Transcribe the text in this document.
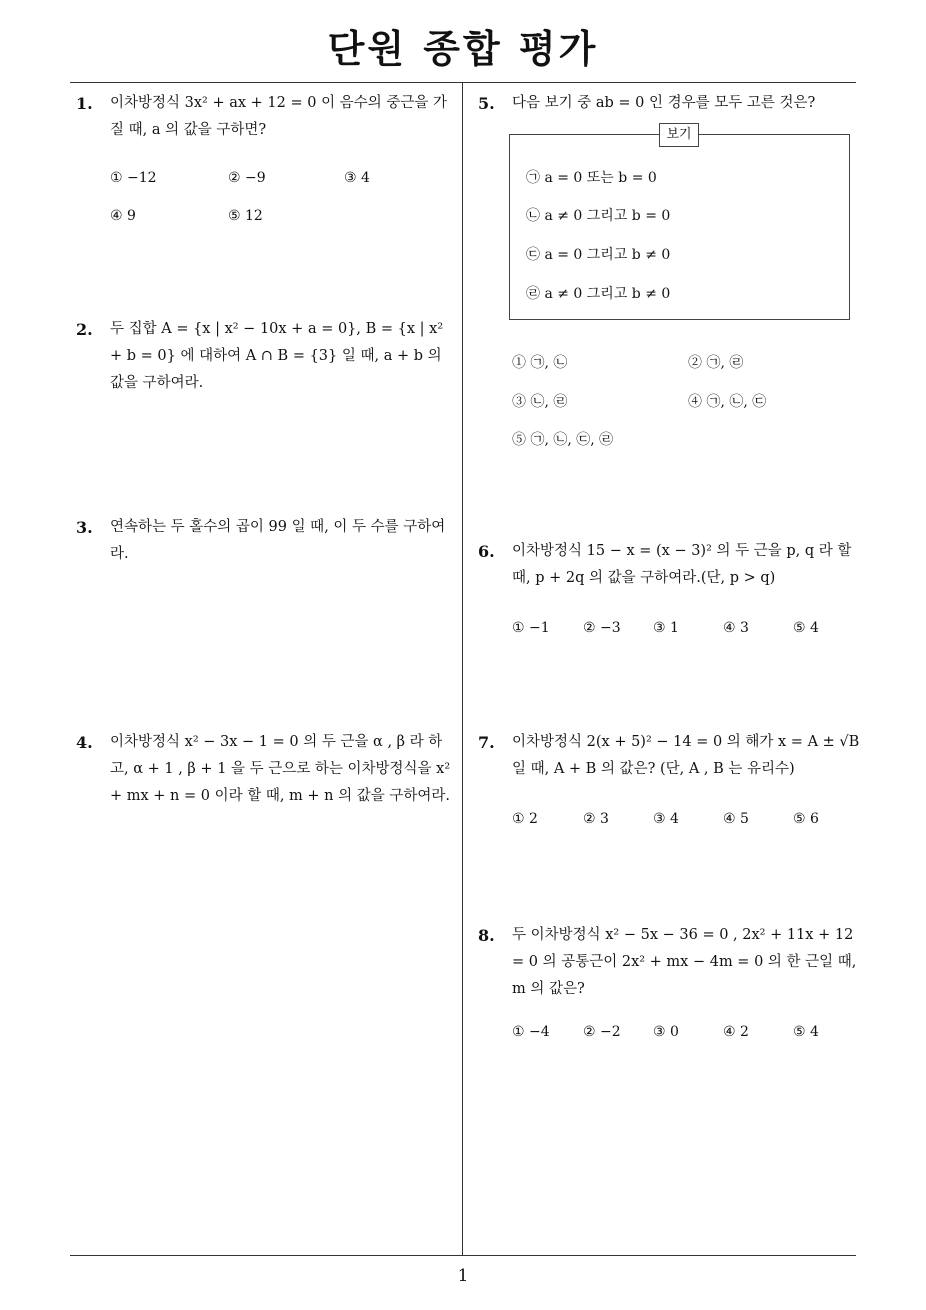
단원 종합 평가
1
1. 이차방정식 3x² + ax + 12 = 0 이 음수의 중근을 가질 때, a 의 값을 구하면?
① −12	② −9	③ 4
④ 9	⑤ 12
2. 두 집합 A = {x | x² − 10x + a = 0}, B = {x | x² + b = 0} 에 대하여 A ∩ B = {3} 일 때, a + b 의 값을 구하여라.
3. 연속하는 두 홀수의 곱이 99 일 때, 이 두 수를 구하여라.
4. 이차방정식 x² − 3x − 1 = 0 의 두 근을 α , β 라 하고, α + 1 , β + 1 을 두 근으로 하는 이차방정식을 x² + mx + n = 0 이라 할 때, m + n 의 값을 구하여라.
5. 다음 보기 중 ab = 0 인 경우를 모두 고른 것은?
보기
㉠ a = 0 또는 b = 0
㉡ a ≠ 0 그리고 b = 0
㉢ a = 0 그리고 b ≠ 0
㉣ a ≠ 0 그리고 b ≠ 0
① ㉠, ㉡	② ㉠, ㉣
③ ㉡, ㉣	④ ㉠, ㉡, ㉢
⑤ ㉠, ㉡, ㉢, ㉣
6. 이차방정식 15 − x = (x − 3)² 의 두 근을 p, q 라 할 때, p + 2q 의 값을 구하여라.(단, p > q)
① −1 ② −3 ③ 1	④ 3	⑤ 4
7. 이차방정식 2(x + 5)² − 14 = 0 의 해가 x = A ± √B 일 때, A + B 의 값은? (단, A , B 는 유리수)
① 2	② 3	③ 4	④ 5	⑤ 6
8. 두 이차방정식 x² − 5x − 36 = 0 , 2x² + 11x + 12 = 0 의 공통근이 2x² + mx − 4m = 0 의 한 근일 때, m 의 값은?
① −4 ② −2 ③ 0	④ 2	⑤ 4
